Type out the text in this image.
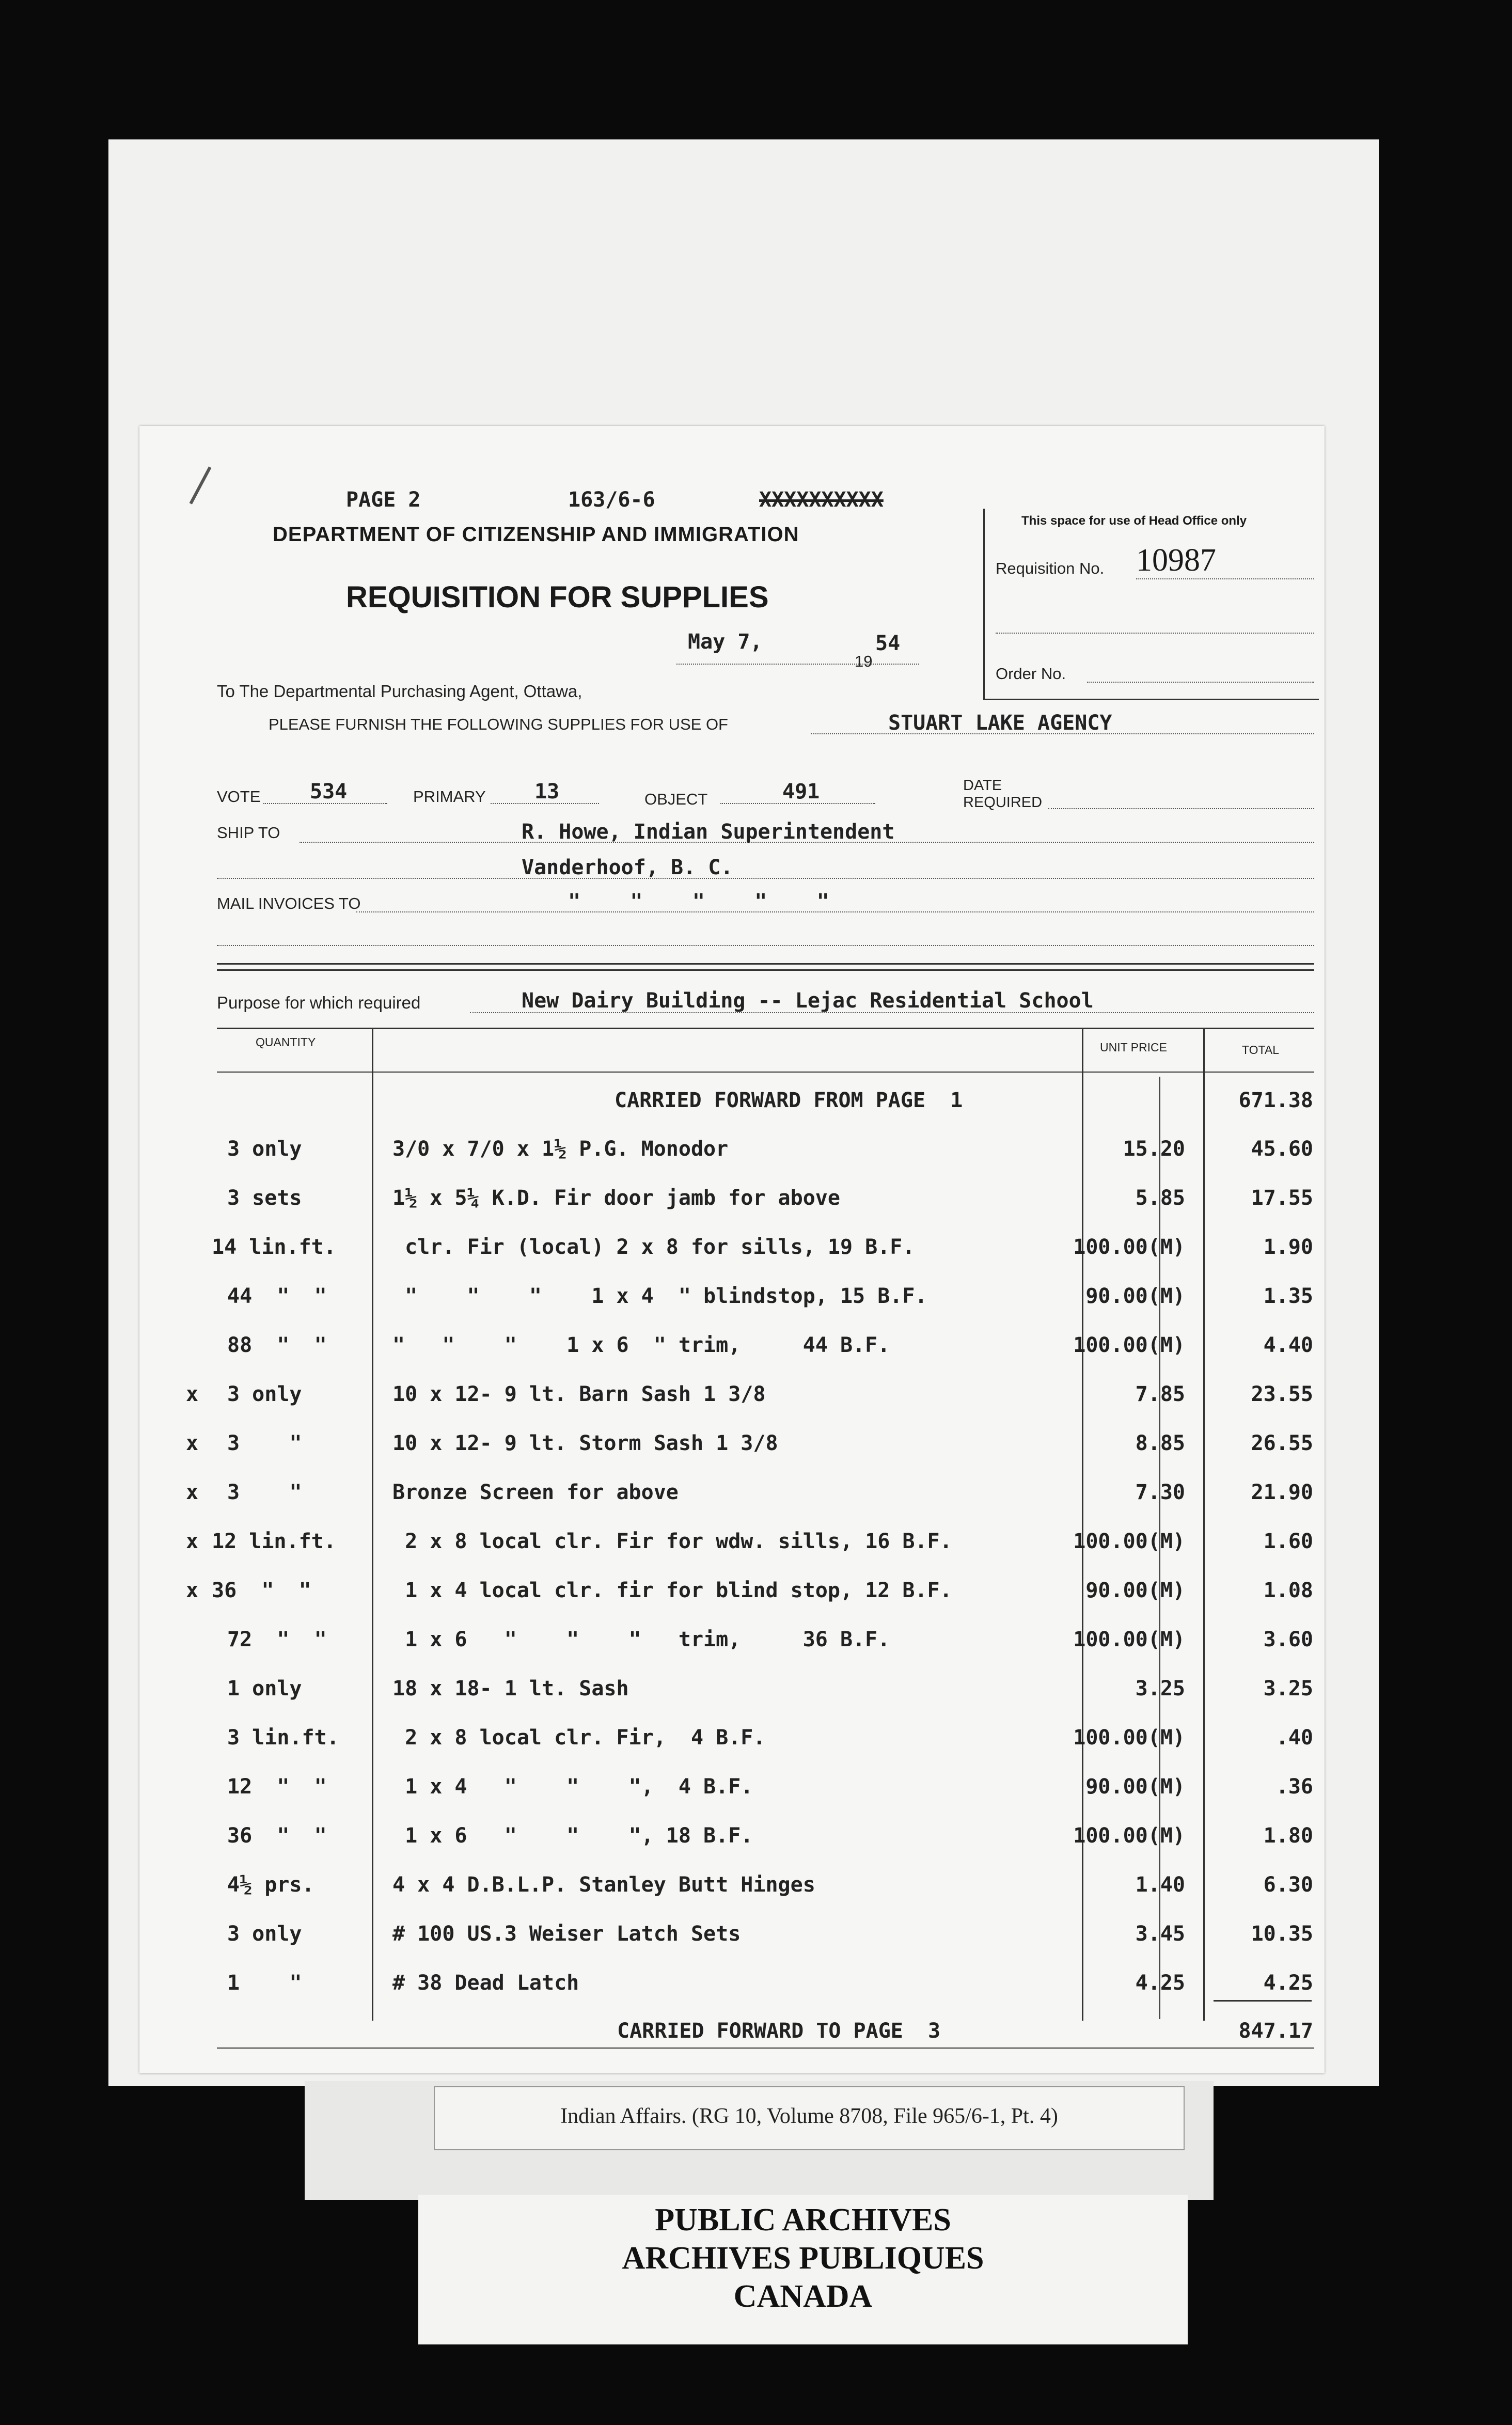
PAGE 2	163/6-6	XXXXXXXXXX
DEPARTMENT OF CITIZENSHIP AND IMMIGRATION
REQUISITION FOR SUPPLIES
May 7,
19
54
This space for use of Head Office only
Requisition No. 10987
Order No.
To The Departmental Purchasing Agent, Ottawa,
PLEASE FURNISH THE FOLLOWING SUPPLIES FOR USE OF	STUART LAKE AGENCY
VOTE 534	PRIMARY 13	OBJECT	491	DATE
REQUIRED
SHIP TO	R. Howe, Indian Superintendent
Vanderhoof, B. C.
MAIL INVOICES TO	"    "    "    "    "
Purpose for which required	New Dairy Building -- Lejac Residential School
QUANTITY	UNIT PRICE	TOTAL
CARRIED FORWARD FROM PAGE  1	671.38
3 only	3/0 x 7/0 x 1½ P.G. Monodor	15.20	45.60
3 sets	1½ x 5¼ K.D. Fir door jamb for above	5.85	17.55
14 lin.ft.	clr. Fir (local) 2 x 8 for sills, 19 B.F.	100.00(M)	1.90
44  "  "	"    "    "    1 x 4  " blindstop, 15 B.F.	90.00(M)	1.35
88  "  "	"   "    "    1 x 6  " trim,     44 B.F.	100.00(M)	4.40
x 3 only	10 x 12- 9 lt. Barn Sash 1 3/8	7.85	23.55
x 3    "	10 x 12- 9 lt. Storm Sash 1 3/8	8.85	26.55
x 3    "	Bronze Screen for above	7.30	21.90
x 12 lin.ft.	2 x 8 local clr. Fir for wdw. sills, 16 B.F.	100.00(M)	1.60
x 36  "  "	1 x 4 local clr. fir for blind stop, 12 B.F.	90.00(M)	1.08
72  "  "	1 x 6   "    "    "   trim,     36 B.F.	100.00(M)	3.60
1 only	18 x 18- 1 lt. Sash	3.25	3.25
3 lin.ft.	2 x 8 local clr. Fir,  4 B.F.	100.00(M)	.40
12  "  "	1 x 4   "    "    ",  4 B.F.	90.00(M)	.36
36  "  "	1 x 6   "    "    ", 18 B.F.	100.00(M)	1.80
4½ prs.	4 x 4 D.B.L.P. Stanley Butt Hinges	1.40	6.30
3 only	# 100 US.3 Weiser Latch Sets	3.45	10.35
1    "	# 38 Dead Latch	4.25	4.25
CARRIED FORWARD TO PAGE  3	847.17
Indian Affairs. (RG 10, Volume 8708, File 965/6-1, Pt. 4)
PUBLIC ARCHIVES
ARCHIVES PUBLIQUES
CANADA
